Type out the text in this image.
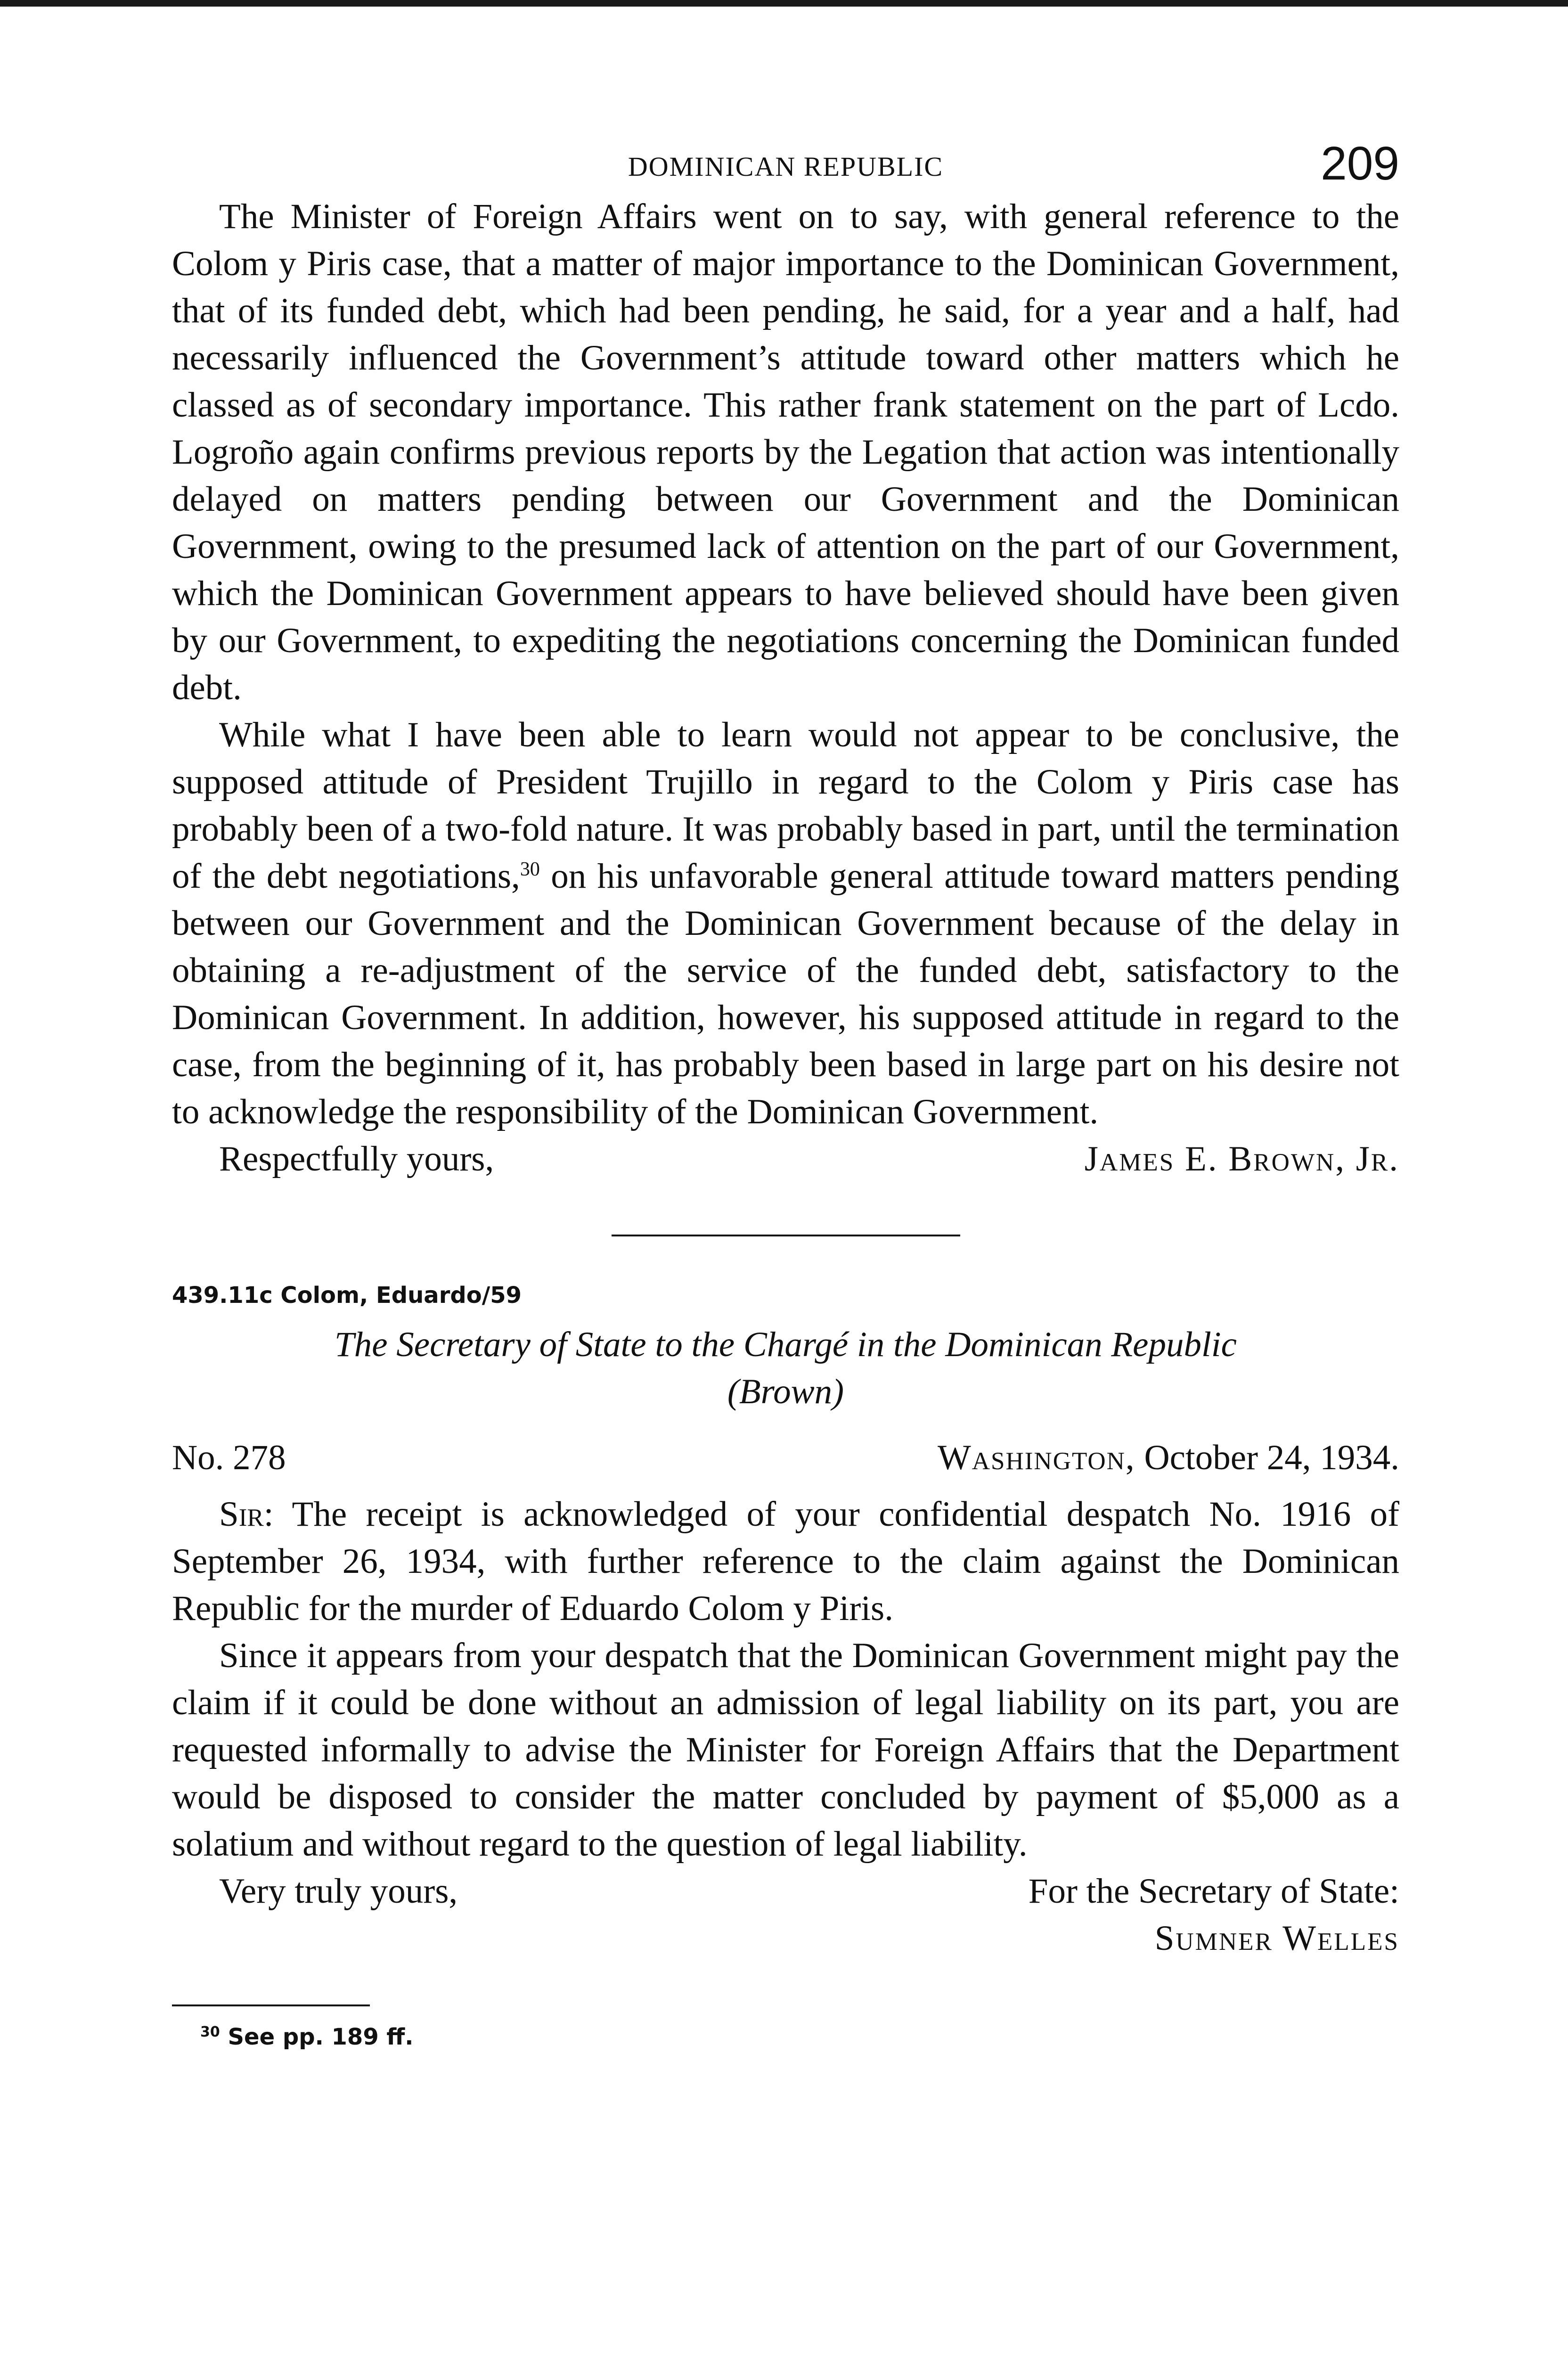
DOMINICAN REPUBLIC	209

The Minister of Foreign Affairs went on to say, with general reference to the Colom y Piris case, that a matter of major importance to the Dominican Government, that of its funded debt, which had been pending, he said, for a year and a half, had necessarily influenced the Government’s attitude toward other matters which he classed as of secondary importance. This rather frank statement on the part of Lcdo. Logroño again confirms previous reports by the Legation that action was intentionally delayed on matters pending between our Government and the Dominican Government, owing to the presumed lack of attention on the part of our Government, which the Dominican Government appears to have believed should have been given by our Government, to expediting the negotiations concerning the Dominican funded debt.

While what I have been able to learn would not appear to be conclusive, the supposed attitude of President Trujillo in regard to the Colom y Piris case has probably been of a two-fold nature. It was probably based in part, until the termination of the debt negotiations,$^{30}$ on his unfavorable general attitude toward matters pending between our Government and the Dominican Government because of the delay in obtaining a re-adjustment of the service of the funded debt, satisfactory to the Dominican Government. In addition, however, his supposed attitude in regard to the case, from the beginning of it, has probably been based in large part on his desire not to acknowledge the responsibility of the Dominican Government.

Respectfully yours,	James E. Brown, Jr.
439.11c Colom, Eduardo/59
The Secretary of State to the Chargé in the Dominican Republic
(Brown)
No. 278	Washington, October 24, 1934.

Sir: The receipt is acknowledged of your confidential despatch No. 1916 of September 26, 1934, with further reference to the claim against the Dominican Republic for the murder of Eduardo Colom y Piris.

Since it appears from your despatch that the Dominican Government might pay the claim if it could be done without an admission of legal liability on its part, you are requested informally to advise the Minister for Foreign Affairs that the Department would be disposed to consider the matter concluded by payment of $5,000 as a solatium and without regard to the question of legal liability.

Very truly yours,	For the Secretary of State:
Sumner Welles
$^{30}$ See pp. 189 ff.
